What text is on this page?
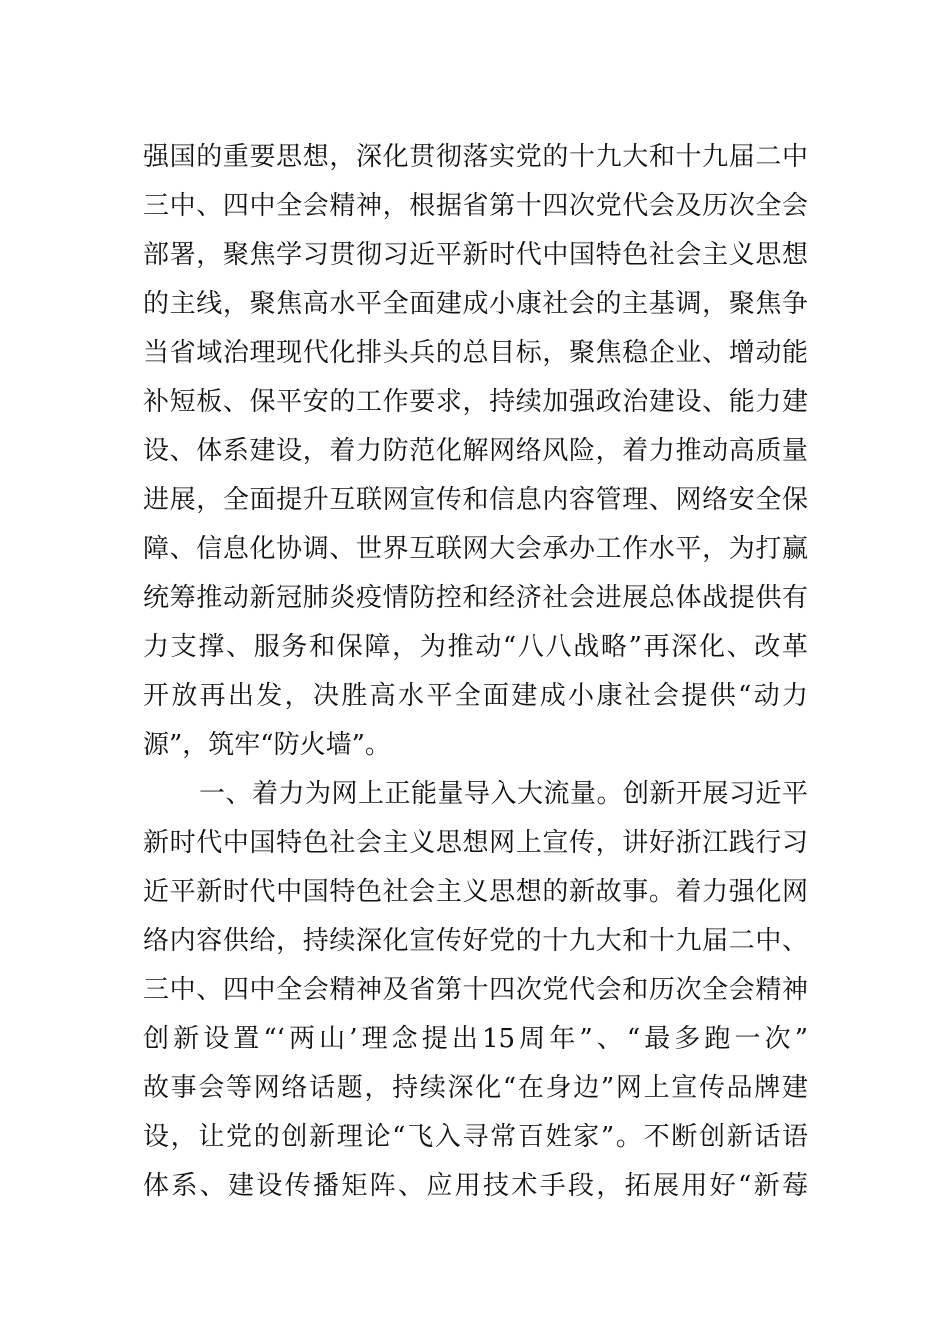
强国的重要思想，深化贯彻落实党的十九大和十九届二中
三中、四中全会精神，根据省第十四次党代会及历次全会
部署，聚焦学习贯彻习近平新时代中国特色社会主义思想
的主线，聚焦高水平全面建成小康社会的主基调，聚焦争
当省域治理现代化排头兵的总目标，聚焦稳企业、增动能
补短板、保平安的工作要求，持续加强政治建设、能力建
设、体系建设，着力防范化解网络风险，着力推动高质量
进展，全面提升互联网宣传和信息内容管理、网络安全保
障、信息化协调、世界互联网大会承办工作水平，为打赢
统筹推动新冠肺炎疫情防控和经济社会进展总体战提供有
力支撑、服务和保障，为推动“八八战略”再深化、改革
开放再出发，决胜高水平全面建成小康社会提供“动力
源”，筑牢“防火墙”。
一、着力为网上正能量导入大流量。创新开展习近平
新时代中国特色社会主义思想网上宣传，讲好浙江践行习
近平新时代中国特色社会主义思想的新故事。着力强化网
络内容供给，持续深化宣传好党的十九大和十九届二中、
三中、四中全会精神及省第十四次党代会和历次全会精神
创新设置“‘两山’理念提出15周年”、“最多跑一次”
故事会等网络话题，持续深化“在身边”网上宣传品牌建
设，让党的创新理论“飞入寻常百姓家”。不断创新话语
体系、建设传播矩阵、应用技术手段，拓展用好“新莓
